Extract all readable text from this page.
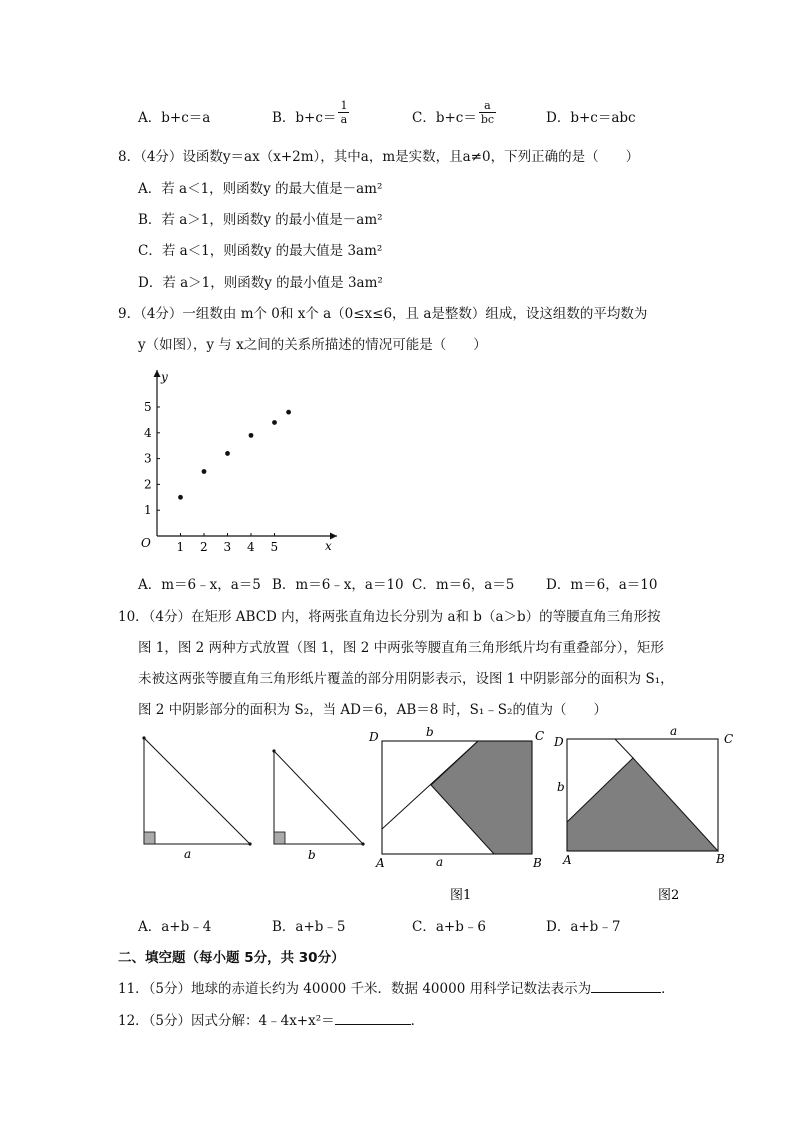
A．b+c＝a	B．$b+c= \frac{1}{a}$	C．$b+c= \frac{a}{bc}$	D．b+c＝abc
8．（4分）设函数y＝ax（x+2m），其中a，m是实数，且a≠0，下列正确的是（　　）
A．若 a＜1，则函数y 的最大值是－am²
B．若 a＞1，则函数y 的最小值是－am²
C．若 a＜1，则函数y 的最大值是 3am²
D．若 a＞1，则函数y 的最小值是 3am²
9．（4分）一组数由 m个 0和 x个 a（0≤x≤6，且 a是整数）组成，设这组数的平均数为
y（如图），y 与 x之间的关系所描述的情况可能是（　　）
1 2 3 4 5
1
2
3
4
5
O	x
y
A．m＝6﹣x，a＝5 B．m＝6﹣x，a＝10 C．m＝6，a＝5 D．m＝6，a＝10
10．（4分）在矩形 ABCD 内，将两张直角边长分别为 a和 b（a＞b）的等腰直角三角形按
图 1，图 2 两种方式放置（图 1，图 2 中两张等腰直角三角形纸片均有重叠部分），矩形
未被这两张等腰直角三角形纸片覆盖的部分用阴影表示，设图 1 中阴影部分的面积为 S₁，
图 2 中阴影部分的面积为 S₂，当 AD＝6，AB＝8 时，S₁﹣S₂的值为（　　）
a	b
D	C
A	B
b
a
图1
D	C
A	B
a
b
图2
A．a+b﹣4	B．a+b﹣5	C．a+b﹣6	D．a+b﹣7
二、填空题（每小题 5分，共 30分）
11．（5分）地球的赤道长约为 40000 千米．数据 40000 用科学记数法表示为	．
12．（5分）因式分解：4﹣4x+x²＝	．
